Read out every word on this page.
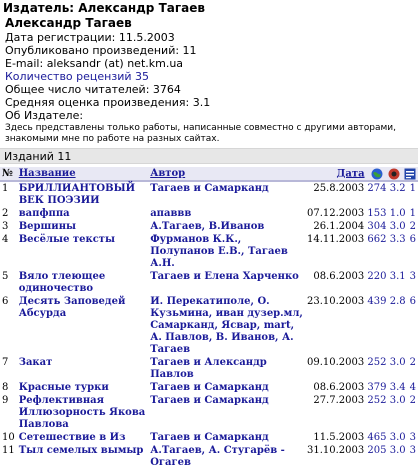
Издатель: Александр Тагаев
Александр Тагаев
Дата регистрации: 11.5.2003
Опубликовано произведений: 11
E-mail: aleksandr (at) net.km.ua
Количество рецензий 35
Общее число читателей: 3764
Средняя оценка произведения: 3.1
Об Издателе:
Здесь представлены только работы, написанные совместно с другими авторами, знакомыми мне по работе на разных сайтах.
Изданий 11
№	Название	Автор	Дата	
1	БРИЛЛИАНТОВЫЙ ВЕК ПОЭЗИИ	Тагаев и Самарканд	25.8.2003 274 3.2	1
2	вапфппа	апаввв	07.12.2003 153 1.0	1
3	Вершины	А.Тагаев, В.Иванов	26.1.2004 304 3.0	2
4	Весёлые тексты	Фурманов К.К., Полупанов Е.В., Тагаев А.Н.	14.11.2003 662 3.3	6
5	Вяло тлеющее одиночество	Тагаев и Елена Харченко	08.6.2003 220 3.1	3
6	Десять Заповедей Абсурда	И. Перекатиполе, О. Кузьмина, иван дузер.мл, Самарканд, Ясвар, mart, А. Павлов, В. Иванов, А. Тагаев	23.10.2003 439 2.8	6
7	Закат	Тагаев и Александр Павлов	09.10.2003 252 3.0	2
8	Красные турки	Тагаев и Самарканд	08.6.2003 379 3.4	4
9	Рефлективная Иллюзорность Якова Павлова	Тагаев и Самарканд	27.7.2003 252 3.0	2
10	Сетешествие в Из	Тагаев и Самарканд	11.5.2003 465 3.0	3
11	Тыл семелых вымыр	А.Тагаев, А. Стугарёв - Огагев	31.10.2003 205 3.0	3
